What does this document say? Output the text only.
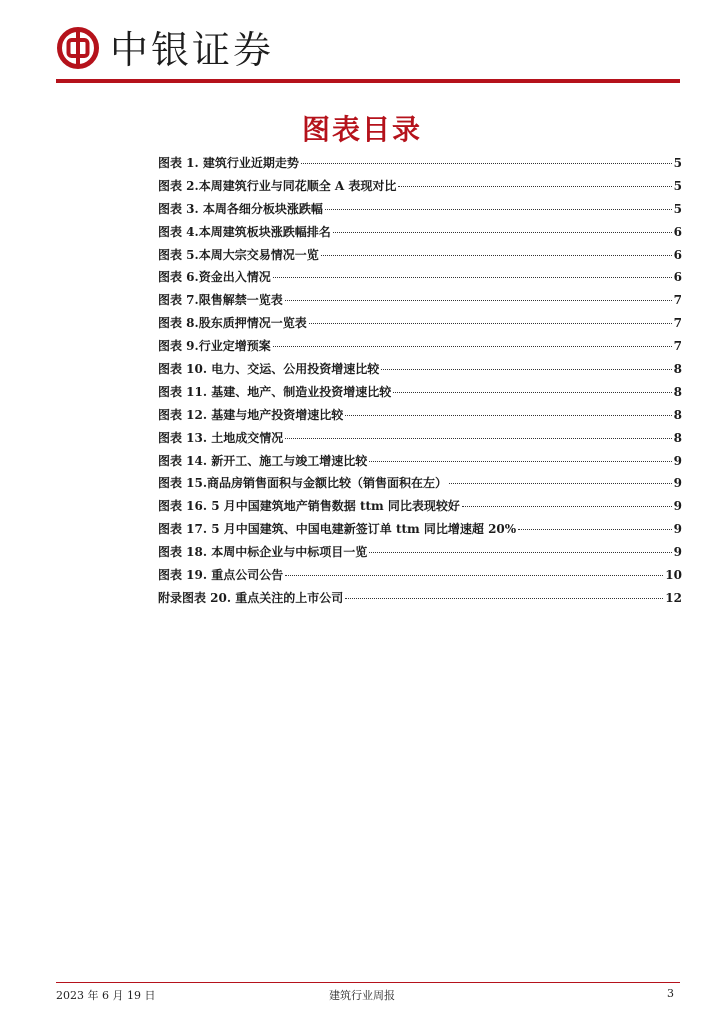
中银证券
图表目录
图表 1. 建筑行业近期走势	5
图表 2.本周建筑行业与同花顺全 A 表现对比	5
图表 3. 本周各细分板块涨跌幅	5
图表 4.本周建筑板块涨跌幅排名	6
图表 5.本周大宗交易情况一览	6
图表 6.资金出入情况	6
图表 7.限售解禁一览表	7
图表 8.股东质押情况一览表	7
图表 9.行业定增预案	7
图表 10. 电力、交运、公用投资增速比较	8
图表 11. 基建、地产、制造业投资增速比较	8
图表 12. 基建与地产投资增速比较	8
图表 13. 土地成交情况	8
图表 14. 新开工、施工与竣工增速比较	9
图表 15.商品房销售面积与金额比较（销售面积在左）	9
图表 16. 5 月中国建筑地产销售数据 ttm 同比表现较好	9
图表 17. 5 月中国建筑、中国电建新签订单 ttm 同比增速超 20%	9
图表 18. 本周中标企业与中标项目一览	9
图表 19. 重点公司公告	10
附录图表 20. 重点关注的上市公司	12
2023 年 6 月 19 日	建筑行业周报	3
